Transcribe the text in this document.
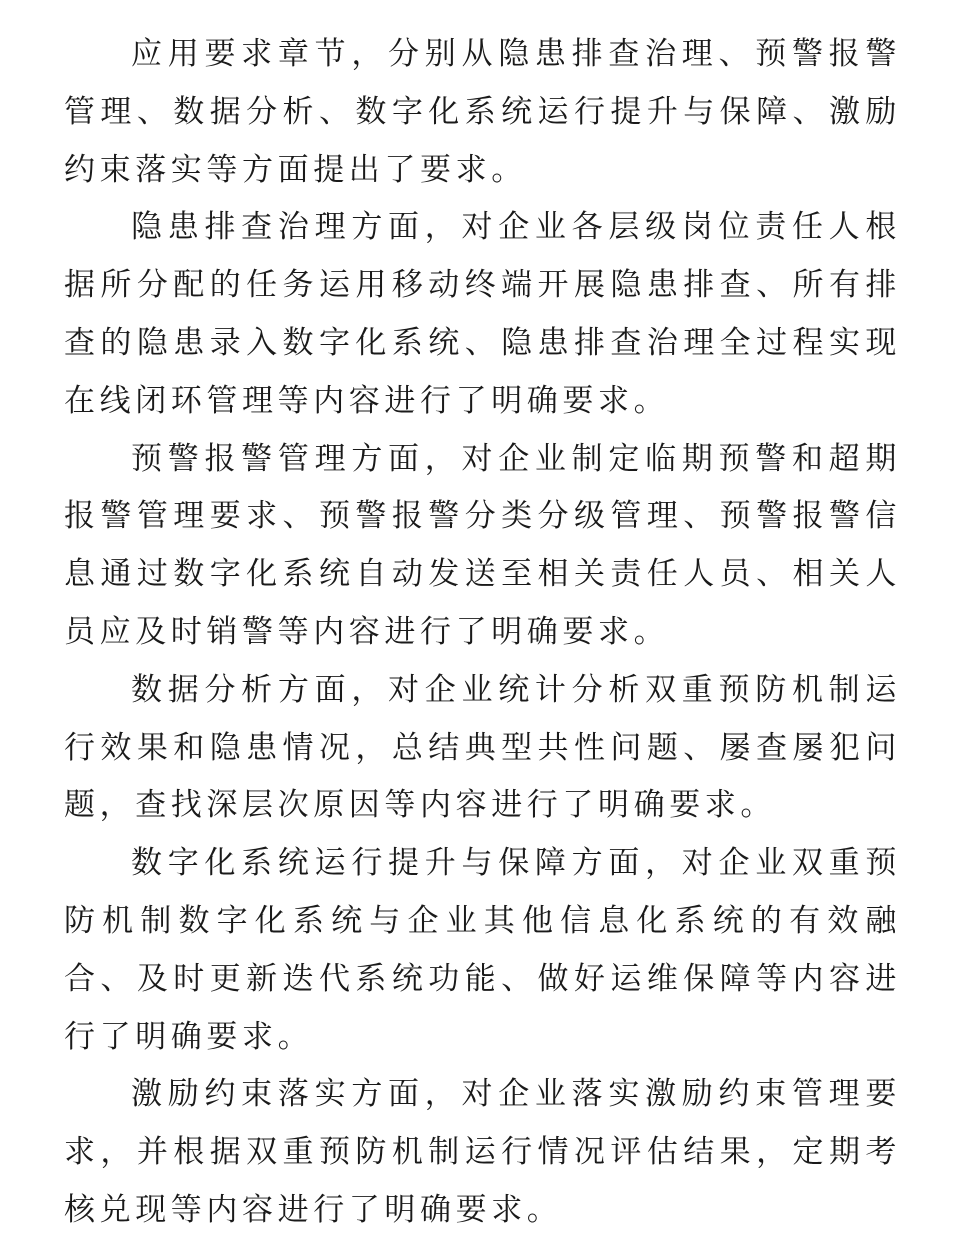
应用要求章节，分别从隐患排查治理、预警报警管理、数据分析、数字化系统运行提升与保障、激励约束落实等方面提出了要求。

隐患排查治理方面，对企业各层级岗位责任人根据所分配的任务运用移动终端开展隐患排查、所有排查的隐患录入数字化系统、隐患排查治理全过程实现在线闭环管理等内容进行了明确要求。

预警报警管理方面，对企业制定临期预警和超期报警管理要求、预警报警分类分级管理、预警报警信息通过数字化系统自动发送至相关责任人员、相关人员应及时销警等内容进行了明确要求。

数据分析方面，对企业统计分析双重预防机制运行效果和隐患情况，总结典型共性问题、屡查屡犯问题，查找深层次原因等内容进行了明确要求。

数字化系统运行提升与保障方面，对企业双重预防机制数字化系统与企业其他信息化系统的有效融合、及时更新迭代系统功能、做好运维保障等内容进行了明确要求。

激励约束落实方面，对企业落实激励约束管理要求，并根据双重预防机制运行情况评估结果，定期考核兑现等内容进行了明确要求。
